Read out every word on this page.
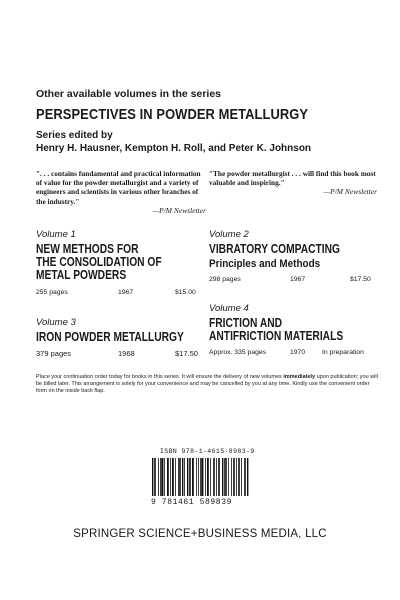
Other available volumes in the series
PERSPECTIVES IN POWDER METALLURGY
Series edited by
Henry H. Hausner, Kempton H. Roll, and Peter K. Johnson
". . . contains fundamental and practical information of value for the powder metallurgist and a variety of engineers and scientists in various other branches of the industry."
—P/M Newsletter
"The powder metallurgist . . . will find this book most valuable and inspiring."
—P/M Newsletter
Volume 1
NEW METHODS FOR
THE CONSOLIDATION OF
METAL POWDERS
255 pages	1967	$15.00
Volume 2
VIBRATORY COMPACTING
Principles and Methods
298 pages	1967	$17.50
Volume 3
IRON POWDER METALLURGY
379 pages	1968	$17.50
Volume 4
FRICTION AND
ANTIFRICTION MATERIALS
Approx. 335 pages	1970 In preparation
Place your continuation order today for books in this series. It will ensure the delivery of new volumes immediately upon publication; you will be billed later. This arrangement is solely for your convenience and may be cancelled by you at any time. Kindly use the convenient order form on the inside back flap.
ISBN 978-1-4615-8983-9
9 781461 589839
SPRINGER SCIENCE+BUSINESS MEDIA, LLC
